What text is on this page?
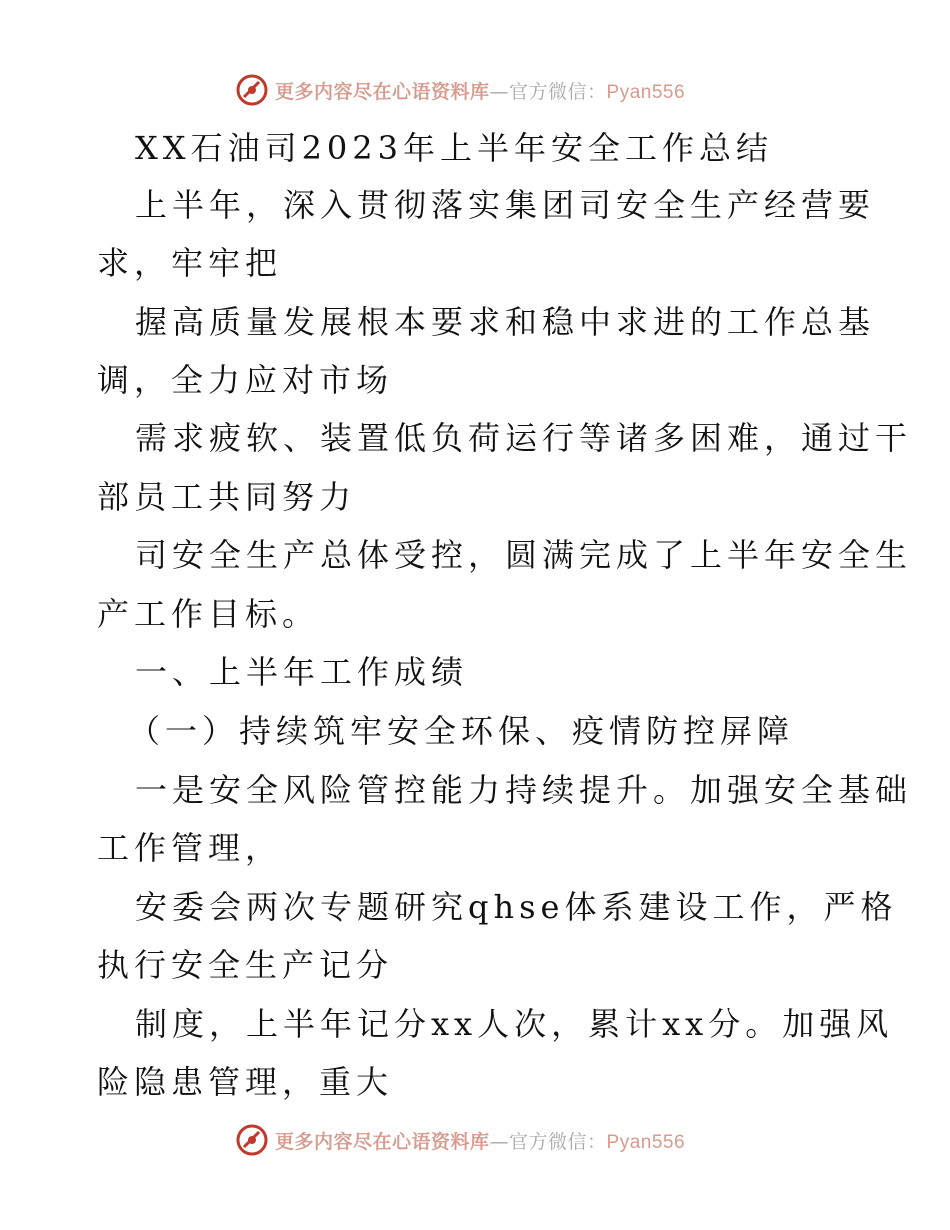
更多内容尽在心语资料库—官方微信：Pyan556
XX石油司2023年上半年安全工作总结
上半年，深入贯彻落实集团司安全生产经营要
求，牢牢把
握高质量发展根本要求和稳中求进的工作总基
调，全力应对市场
需求疲软、装置低负荷运行等诸多困难，通过干
部员工共同努力
司安全生产总体受控，圆满完成了上半年安全生
产工作目标。
一、上半年工作成绩
（一）持续筑牢安全环保、疫情防控屏障
一是安全风险管控能力持续提升。加强安全基础
工作管理，
安委会两次专题研究qhse体系建设工作，严格
执行安全生产记分
制度，上半年记分xx人次，累计xx分。加强风
险隐患管理，重大
更多内容尽在心语资料库—官方微信：Pyan556
